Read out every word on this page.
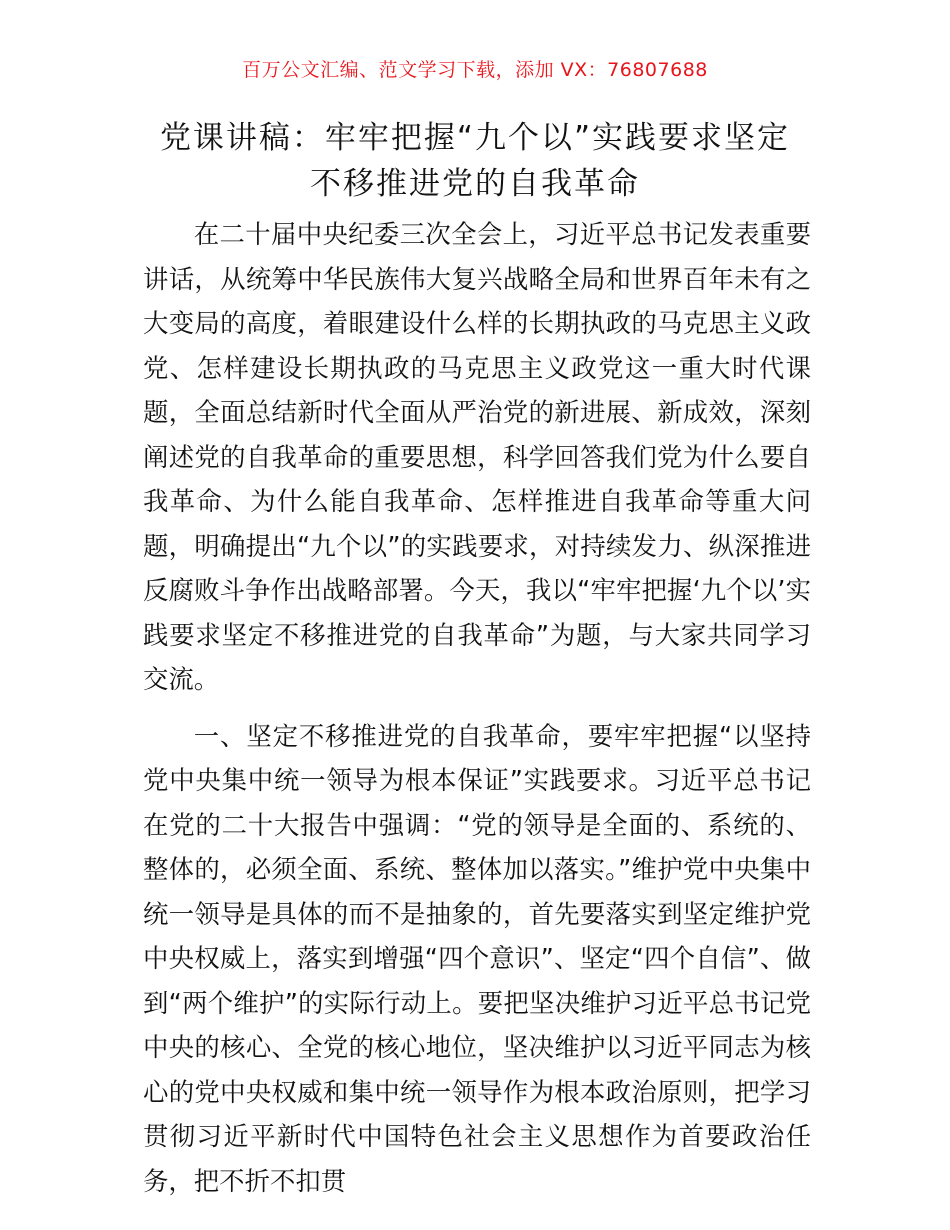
百万公文汇编、范文学习下载，添加 VX：76807688
党课讲稿：牢牢把握“九个以”实践要求坚定
不移推进党的自我革命

在二十届中央纪委三次全会上，习近平总书记发表重要讲话，从统筹中华民族伟大复兴战略全局和世界百年未有之大变局的高度，着眼建设什么样的长期执政的马克思主义政党、怎样建设长期执政的马克思主义政党这一重大时代课题，全面总结新时代全面从严治党的新进展、新成效，深刻阐述党的自我革命的重要思想，科学回答我们党为什么要自我革命、为什么能自我革命、怎样推进自我革命等重大问题，明确提出“九个以”的实践要求，对持续发力、纵深推进反腐败斗争作出战略部署。今天，我以“牢牢把握‘九个以’实践要求坚定不移推进党的自我革命”为题，与大家共同学习交流。

一、坚定不移推进党的自我革命，要牢牢把握“以坚持党中央集中统一领导为根本保证”实践要求。习近平总书记在党的二十大报告中强调：“党的领导是全面的、系统的、整体的，必须全面、系统、整体加以落实。”维护党中央集中统一领导是具体的而不是抽象的，首先要落实到坚定维护党中央权威上，落实到增强“四个意识”、坚定“四个自信”、做到“两个维护”的实际行动上。要把坚决维护习近平总书记党中央的核心、全党的核心地位，坚决维护以习近平同志为核心的党中央权威和集中统一领导作为根本政治原则，把学习贯彻习近平新时代中国特色社会主义思想作为首要政治任务，把不折不扣贯
